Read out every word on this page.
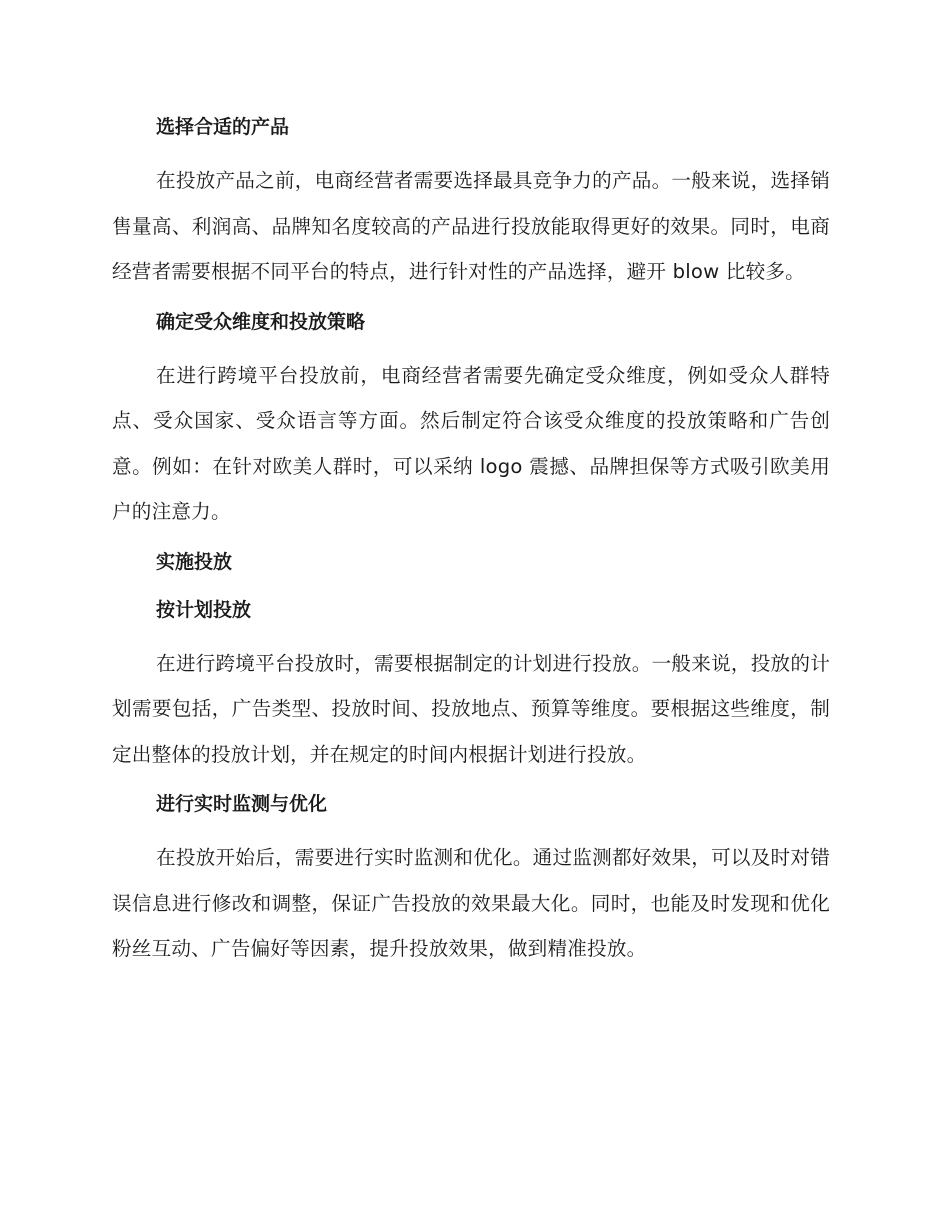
选择合适的产品

在投放产品之前，电商经营者需要选择最具竞争力的产品。一般来说，选择销售量高、利润高、品牌知名度较高的产品进行投放能取得更好的效果。同时，电商经营者需要根据不同平台的特点，进行针对性的产品选择，避开 blow 比较多。

确定受众维度和投放策略

在进行跨境平台投放前，电商经营者需要先确定受众维度，例如受众人群特点、受众国家、受众语言等方面。然后制定符合该受众维度的投放策略和广告创意。例如：在针对欧美人群时，可以采纳 logo 震撼、品牌担保等方式吸引欧美用户的注意力。

实施投放
按计划投放

在进行跨境平台投放时，需要根据制定的计划进行投放。一般来说，投放的计划需要包括，广告类型、投放时间、投放地点、预算等维度。要根据这些维度，制定出整体的投放计划，并在规定的时间内根据计划进行投放。

进行实时监测与优化

在投放开始后，需要进行实时监测和优化。通过监测都好效果，可以及时对错误信息进行修改和调整，保证广告投放的效果最大化。同时，也能及时发现和优化粉丝互动、广告偏好等因素，提升投放效果，做到精准投放。
